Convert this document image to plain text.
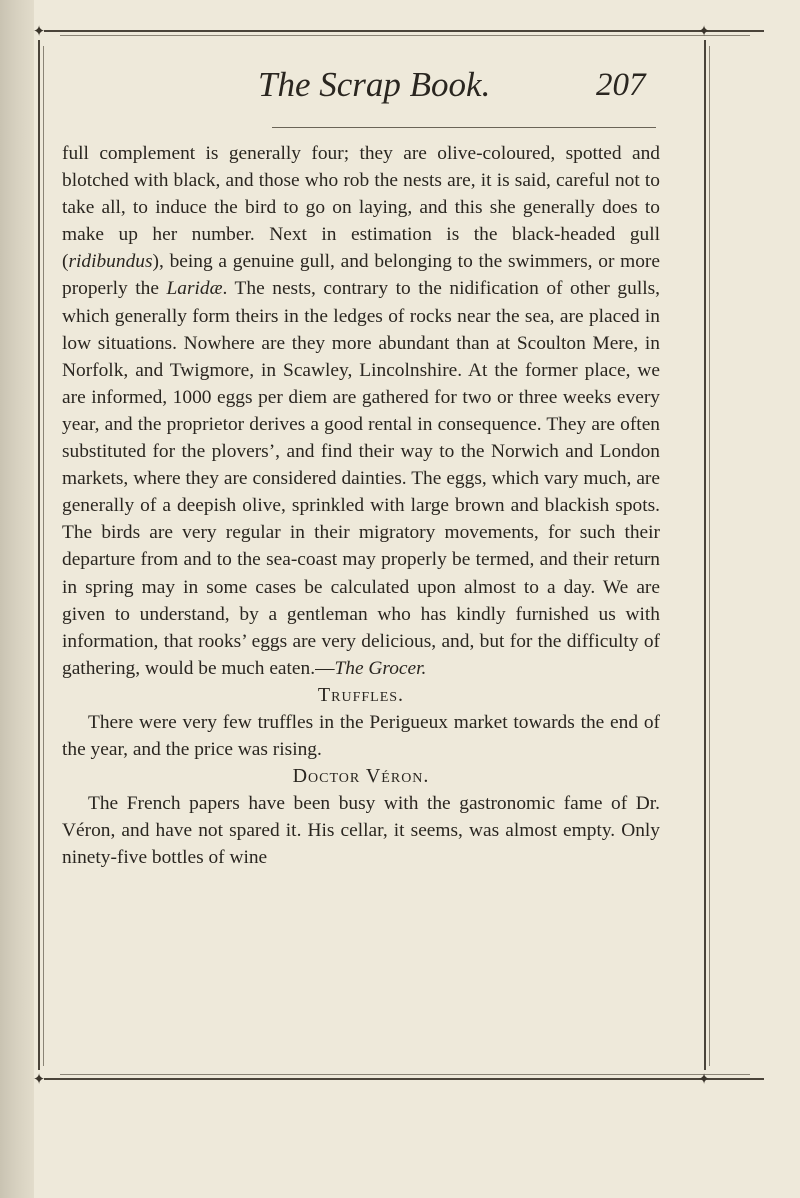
✦	✦
✦	✦
The Scrap Book.	207

full complement is generally four; they are olive-coloured, spotted and blotched with black, and those who rob the nests are, it is said, careful not to take all, to induce the bird to go on laying, and this she generally does to make up her number. Next in estimation is the black-headed gull (ridibundus), being a genuine gull, and belonging to the swimmers, or more properly the Laridæ. The nests, contrary to the nidification of other gulls, which generally form theirs in the ledges of rocks near the sea, are placed in low situations. Nowhere are they more abundant than at Scoulton Mere, in Norfolk, and Twigmore, in Scawley, Lincolnshire. At the former place, we are informed, 1000 eggs per diem are gathered for two or three weeks every year, and the proprietor derives a good rental in consequence. They are often substituted for the plovers’, and find their way to the Norwich and London markets, where they are considered dainties. The eggs, which vary much, are generally of a deepish olive, sprinkled with large brown and blackish spots. The birds are very regular in their migratory movements, for such their departure from and to the sea-coast may properly be termed, and their return in spring may in some cases be calculated upon almost to a day. We are given to understand, by a gentleman who has kindly furnished us with information, that rooks’ eggs are very delicious, and, but for the difficulty of gathering, would be much eaten.—The Grocer.

Truffles.

There were very few truffles in the Perigueux market towards the end of the year, and the price was rising.

Doctor Véron.

The French papers have been busy with the gastronomic fame of Dr. Véron, and have not spared it. His cellar, it seems, was almost empty. Only ninety-five bottles of wine
